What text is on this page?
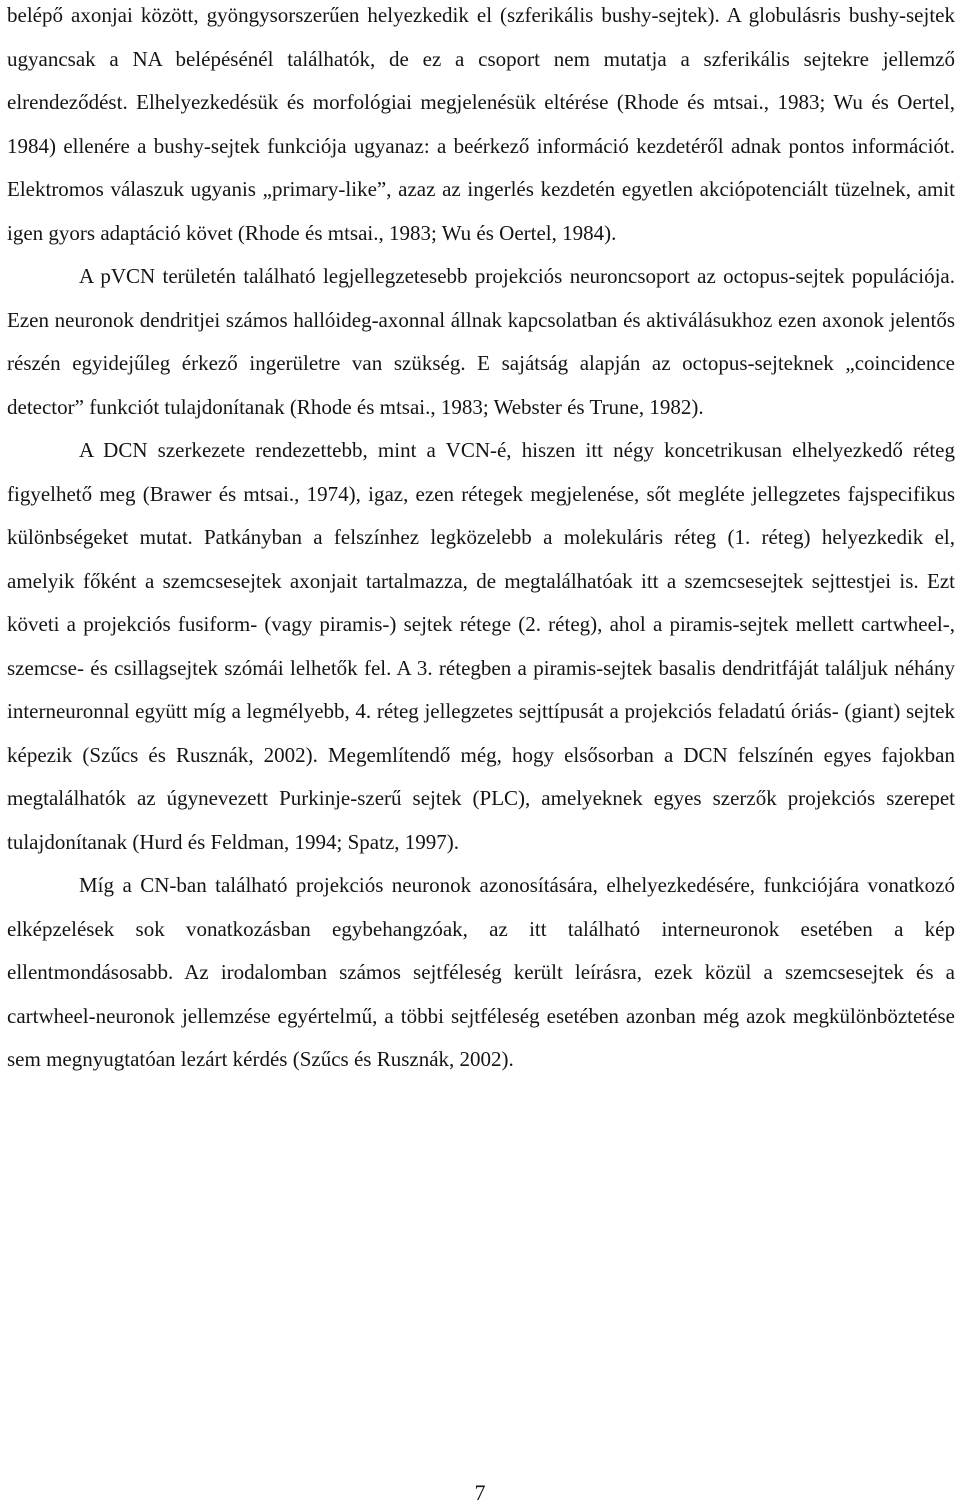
belépő axonjai között, gyöngysorszerűen helyezkedik el (szferikális bushy-sejtek). A globulásris bushy-sejtek ugyancsak a NA belépésénél találhatók, de ez a csoport nem mutatja a szferikális sejtekre jellemző elrendeződést. Elhelyezkedésük és morfológiai megjelenésük eltérése (Rhode és mtsai., 1983; Wu és Oertel, 1984) ellenére a bushy-sejtek funkciója ugyanaz: a beérkező információ kezdetéről adnak pontos információt. Elektromos válaszuk ugyanis „primary-like”, azaz az ingerlés kezdetén egyetlen akciópotenciált tüzelnek, amit igen gyors adaptáció követ (Rhode és mtsai., 1983; Wu és Oertel, 1984).

A pVCN területén található legjellegzetesebb projekciós neuroncsoport az octopus-sejtek populációja. Ezen neuronok dendritjei számos hallóideg-axonnal állnak kapcsolatban és aktiválásukhoz ezen axonok jelentős részén egyidejűleg érkező ingerületre van szükség. E sajátság alapján az octopus-sejteknek „coincidence detector” funkciót tulajdonítanak (Rhode és mtsai., 1983; Webster és Trune, 1982).

A DCN szerkezete rendezettebb, mint a VCN-é, hiszen itt négy koncetrikusan elhelyezkedő réteg figyelhető meg (Brawer és mtsai., 1974), igaz, ezen rétegek megjelenése, sőt megléte jellegzetes fajspecifikus különbségeket mutat. Patkányban a felszínhez legközelebb a molekuláris réteg (1. réteg) helyezkedik el, amelyik főként a szemcsesejtek axonjait tartalmazza, de megtalálhatóak itt a szemcsesejtek sejttestjei is. Ezt követi a projekciós fusiform- (vagy piramis-) sejtek rétege (2. réteg), ahol a piramis-sejtek mellett cartwheel-, szemcse- és csillagsejtek szómái lelhetők fel. A 3. rétegben a piramis-sejtek basalis dendritfáját találjuk néhány interneuronnal együtt míg a legmélyebb, 4. réteg jellegzetes sejttípusát a projekciós feladatú óriás- (giant) sejtek képezik (Szűcs és Rusznák, 2002). Megemlítendő még, hogy elsősorban a DCN felszínén egyes fajokban megtalálhatók az úgynevezett Purkinje-szerű sejtek (PLC), amelyeknek egyes szerzők projekciós szerepet tulajdonítanak (Hurd és Feldman, 1994; Spatz, 1997).

Míg a CN-ban található projekciós neuronok azonosítására, elhelyezkedésére, funkciójára vonatkozó elképzelések sok vonatkozásban egybehangzóak, az itt található interneuronok esetében a kép ellentmondásosabb. Az irodalomban számos sejtféleség került leírásra, ezek közül a szemcsesejtek és a cartwheel-neuronok jellemzése egyértelmű, a többi sejtféleség esetében azonban még azok megkülönböztetése sem megnyugtatóan lezárt kérdés (Szűcs és Rusznák, 2002).

7
